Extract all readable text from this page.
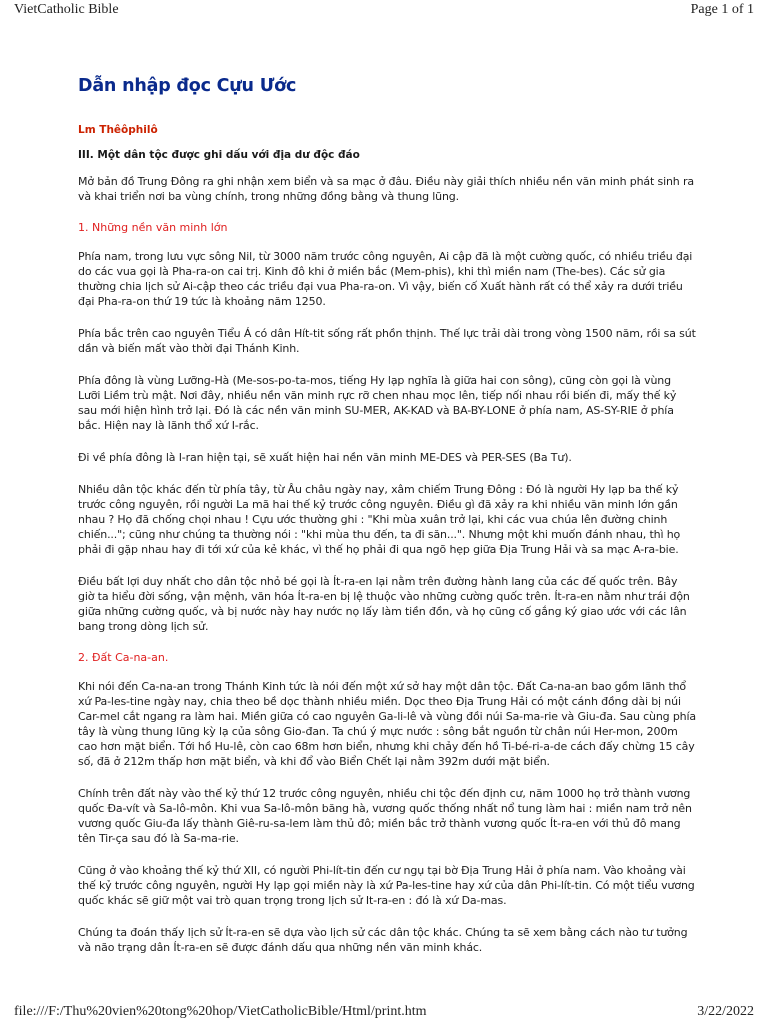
VietCatholic Bible	Page 1 of 1
Dẫn nhập đọc Cựu Ước
Lm Thêôphilô
III. Một dân tộc được ghi dấu với địa dư độc đáo

Mở bản đồ Trung Đông ra ghi nhận xem biển và sa mạc ở đâu. Điều này giải thích nhiều nền văn minh phát sinh ra và khai triển nơi ba vùng chính, trong những đồng bằng và thung lũng.

1. Những nền văn minh lớn

Phía nam, trong lưu vực sông Nil, từ 3000 năm trước công nguyên, Ai cập đã là một cường quốc, có nhiều triều đại do các vua gọi là Pha-ra-on cai trị. Kinh đô khi ở miền bắc (Mem-phis), khi thì miền nam (The-bes). Các sử gia thường chia lịch sử Ai-cập theo các triều đại vua Pha-ra-on. Vì vậy, biến cố Xuất hành rất có thể xảy ra dưới triều đại Pha-ra-on thứ 19 tức là khoảng năm 1250.

Phía bắc trên cao nguyên Tiểu Á có dân Hít-tit sống rất phồn thịnh. Thế lực trải dài trong vòng 1500 năm, rồi sa sút dần và biến mất vào thời đại Thánh Kinh.

Phía đông là vùng Lưỡng-Hà (Me-sos-po-ta-mos, tiếng Hy lạp nghĩa là giữa hai con sông), cũng còn gọi là vùng Lưỡi Liềm trù mật. Nơi đây, nhiều nền văn minh rực rỡ chen nhau mọc lên, tiếp nối nhau rồi biến đi, mấy thế kỷ sau mới hiện hình trở lại. Đó là các nền văn minh SU-MER, AK-KAD và BA-BY-LONE ở phía nam, AS-SY-RIE ở phía bắc. Hiện nay là lãnh thổ xứ I-rắc.

Đi về phía đông là I-ran hiện tại, sẽ xuất hiện hai nền văn minh ME-DES và PER-SES (Ba Tư).

Nhiều dân tộc khác đến từ phía tây, từ Âu châu ngày nay, xâm chiếm Trung Đông : Đó là người Hy lạp ba thế kỷ trước công nguyên, rồi người La mã hai thế kỷ trước công nguyên. Điều gì đã xảy ra khi nhiều văn minh lớn gần nhau ? Họ đã chống chọi nhau ! Cựu ước thường ghi : "Khi mùa xuân trở lại, khi các vua chúa lên đường chinh chiến..."; cũng như chúng ta thường nói : "khi mùa thu đến, ta đi săn...". Nhưng một khi muốn đánh nhau, thì họ phải đi gặp nhau hay đi tới xứ của kẻ khác, vì thế họ phải đi qua ngõ hẹp giữa Địa Trung Hải và sa mạc A-ra-bie.

Điều bất lợi duy nhất cho dân tộc nhỏ bé gọi là Ít-ra-en lại nằm trên đường hành lang của các đế quốc trên. Bây giờ ta hiểu đời sống, vận mệnh, văn hóa Ít-ra-en bị lệ thuộc vào những cường quốc trên. Ít-ra-en nằm như trái độn giữa những cường quốc, và bị nước này hay nước nọ lấy làm tiền đồn, và họ cũng cố gắng ký giao ước với các lân bang trong dòng lịch sử.

2. Đất Ca-na-an.

Khi nói đến Ca-na-an trong Thánh Kinh tức là nói đến một xứ sở hay một dân tộc. Đất Ca-na-an bao gồm lãnh thổ xứ Pa-les-tine ngày nay, chia theo bề dọc thành nhiều miền. Dọc theo Địa Trung Hải có một cánh đồng dài bị núi Car-mel cắt ngang ra làm hai. Miền giữa có cao nguyên Ga-li-lê và vùng đồi núi Sa-ma-rie và Giu-đa. Sau cùng phía tây là vùng thung lũng kỳ lạ của sông Gio-đan. Ta chú ý mực nước : sông bắt nguồn từ chân núi Her-mon, 200m cao hơn mặt biển. Tới hồ Hu-lê, còn cao 68m hơn biển, nhưng khi chảy đến hồ Ti-bé-ri-a-de cách đấy chừng 15 cây số, đã ở 212m thấp hơn mặt biển, và khi đổ vào Biển Chết lại nằm 392m dưới mặt biển.

Chính trên đất này vào thế kỷ thứ 12 trước công nguyên, nhiều chi tộc đến định cư, năm 1000 họ trở thành vương quốc Đa-vít và Sa-lô-môn. Khi vua Sa-lô-môn băng hà, vương quốc thống nhất nổ tung làm hai : miền nam trở nên vương quốc Giu-đa lấy thành Giê-ru-sa-lem làm thủ đô; miền bắc trở thành vương quốc Ít-ra-en với thủ đô mang tên Tir-ça sau đó là Sa-ma-rie.

Cũng ở vào khoảng thế kỷ thứ XII, có người Phi-lít-tin đến cư ngụ tại bờ Địa Trung Hải ở phía nam. Vào khoảng vài thế kỷ trước công nguyên, người Hy lạp gọi miền này là xứ Pa-les-tine hay xứ của dân Phi-lít-tin. Có một tiểu vương quốc khác sẽ giữ một vai trò quan trọng trong lịch sử It-ra-en : đó là xứ Da-mas.

Chúng ta đoán thấy lịch sử Ít-ra-en sẽ dựa vào lịch sử các dân tộc khác. Chúng ta sẽ xem bằng cách nào tư tưởng và não trạng dân Ít-ra-en sẽ được đánh dấu qua những nền văn minh khác.

file:///F:/Thu%20vien%20tong%20hop/VietCatholicBible/Html/print.htm	3/22/2022
